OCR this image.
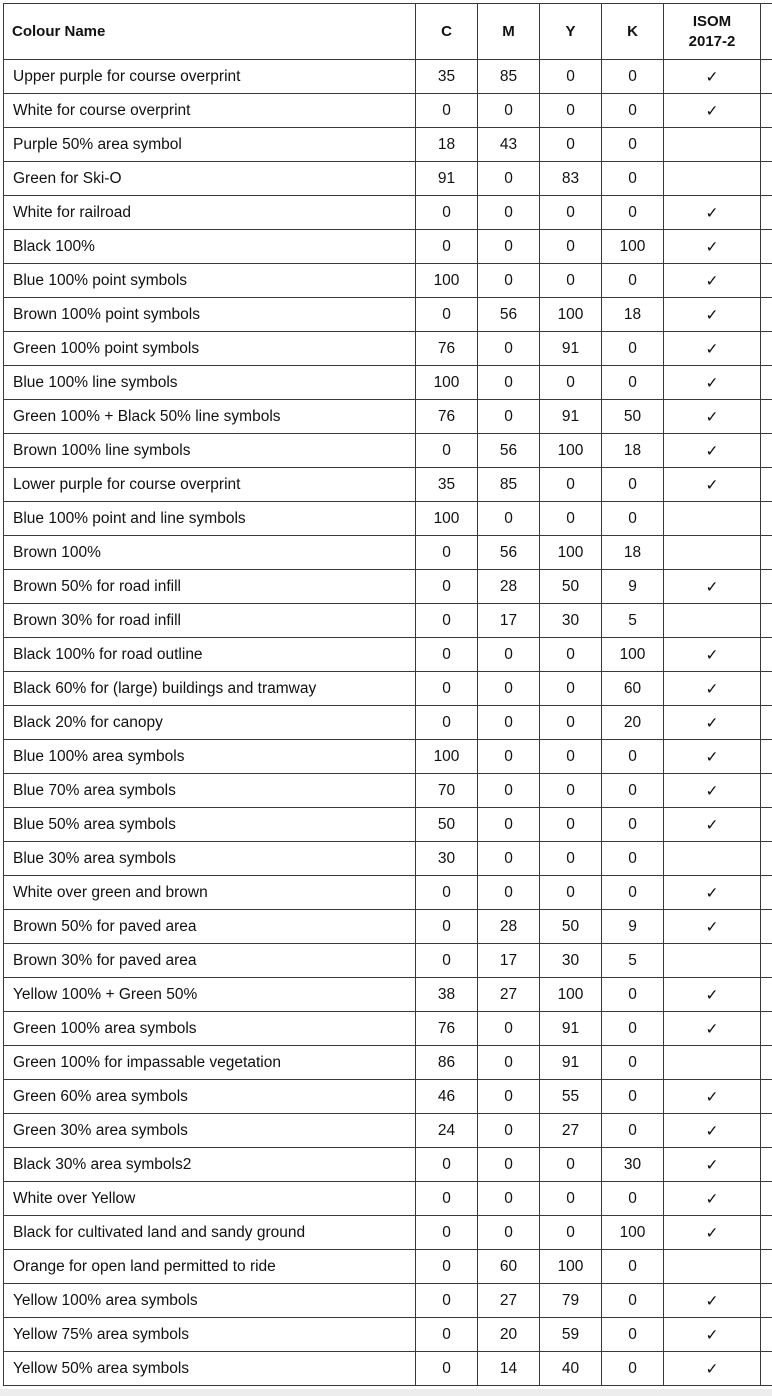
Colour Name	C	M	Y	K	ISOM
2017-2	
Upper purple for course overprint	35	85	0	0	✓	
White for course overprint	0	0	0	0	✓	
Purple 50% area symbol	18	43	0	0		
Green for Ski-O	91	0	83	0		
White for railroad	0	0	0	0	✓	
Black 100%	0	0	0	100	✓	
Blue 100% point symbols	100	0	0	0	✓	
Brown 100% point symbols	0	56	100	18	✓	
Green 100% point symbols	76	0	91	0	✓	
Blue 100% line symbols	100	0	0	0	✓	
Green 100% + Black 50% line symbols	76	0	91	50	✓	
Brown 100% line symbols	0	56	100	18	✓	
Lower purple for course overprint	35	85	0	0	✓	
Blue 100% point and line symbols	100	0	0	0		
Brown 100%	0	56	100	18		
Brown 50% for road infill	0	28	50	9	✓	
Brown 30% for road infill	0	17	30	5		
Black 100% for road outline	0	0	0	100	✓	
Black 60% for (large) buildings and tramway	0	0	0	60	✓	
Black 20% for canopy	0	0	0	20	✓	
Blue 100% area symbols	100	0	0	0	✓	
Blue 70% area symbols	70	0	0	0	✓	
Blue 50% area symbols	50	0	0	0	✓	
Blue 30% area symbols	30	0	0	0		
White over green and brown	0	0	0	0	✓	
Brown 50% for paved area	0	28	50	9	✓	
Brown 30% for paved area	0	17	30	5		
Yellow 100% + Green 50%	38	27	100	0	✓	
Green 100% area symbols	76	0	91	0	✓	
Green 100% for impassable vegetation	86	0	91	0		
Green 60% area symbols	46	0	55	0	✓	
Green 30% area symbols	24	0	27	0	✓	
Black 30% area symbols2	0	0	0	30	✓	
White over Yellow	0	0	0	0	✓	
Black for cultivated land and sandy ground	0	0	0	100	✓	
Orange for open land permitted to ride	0	60	100	0		
Yellow 100% area symbols	0	27	79	0	✓	
Yellow 75% area symbols	0	20	59	0	✓	
Yellow 50% area symbols	0	14	40	0	✓	
